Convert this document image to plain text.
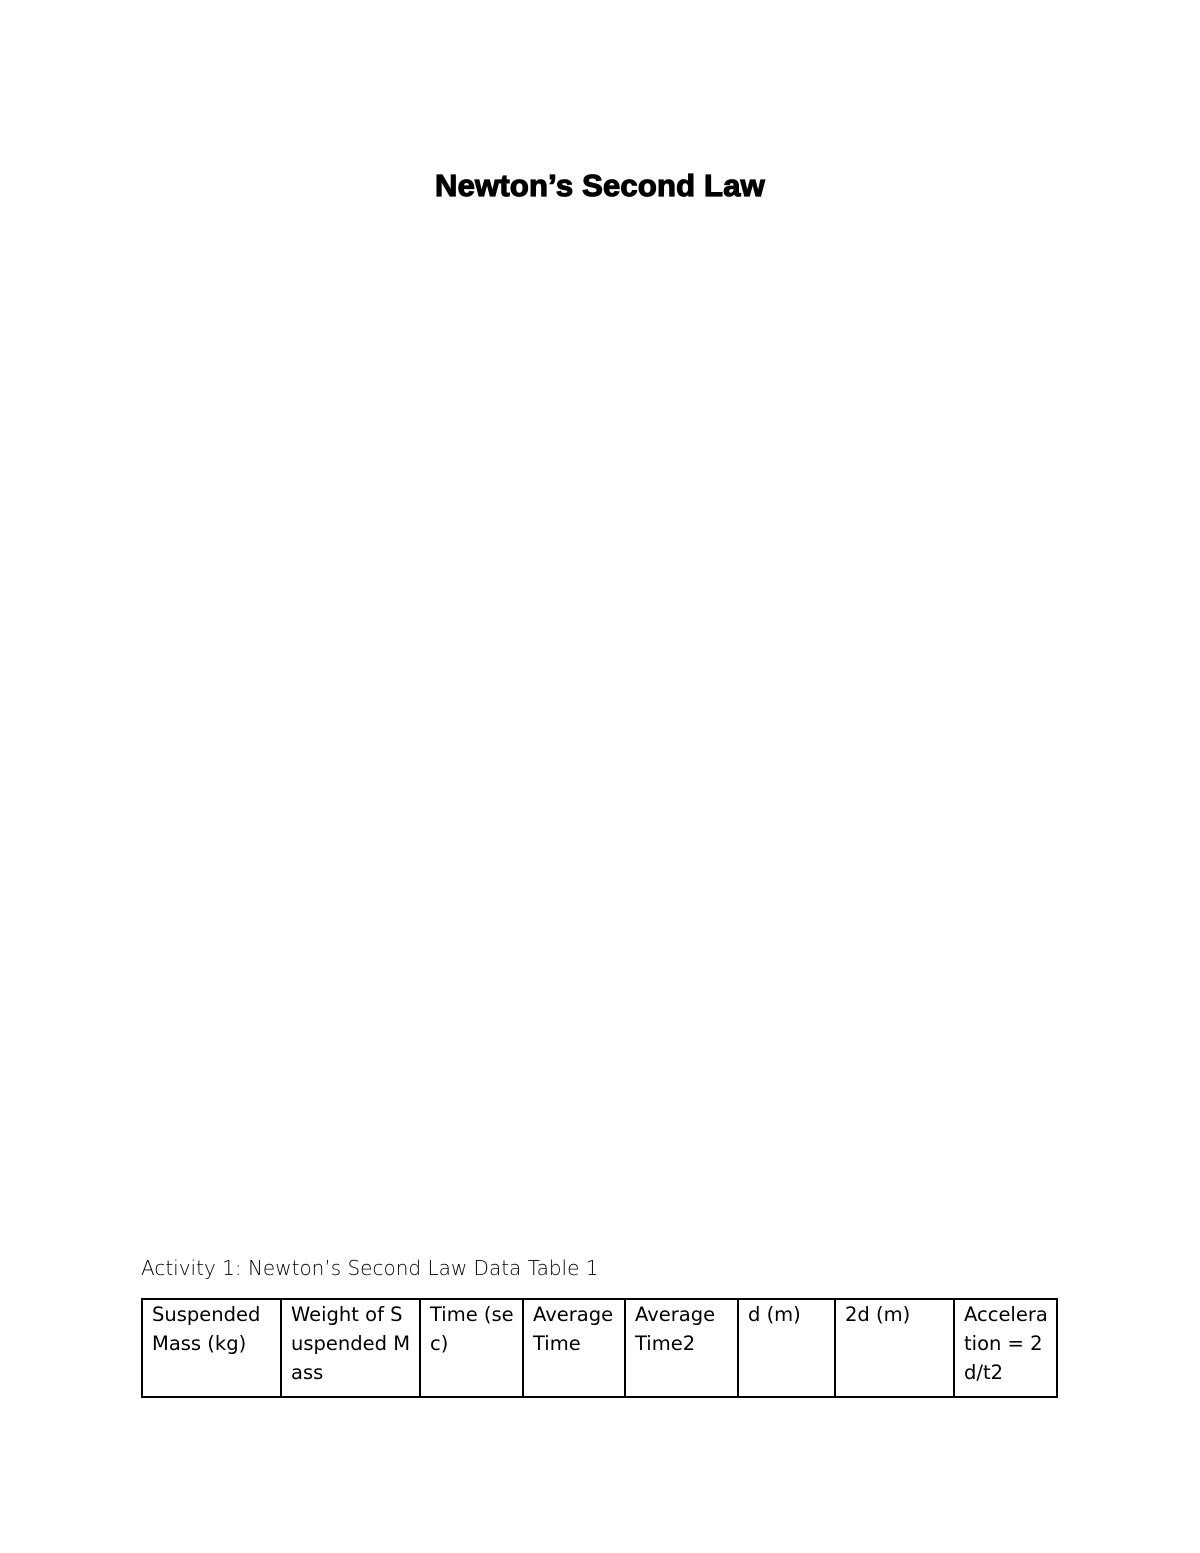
Newton’s Second Law

Activity 1: Newton’s Second Law Data Table 1

Suspended Mass (kg)	Weight of Suspended Mass	Time (sec)	Average Time	Average Time2	d (m)	2d (m)	Acceleration = 2d/t2
